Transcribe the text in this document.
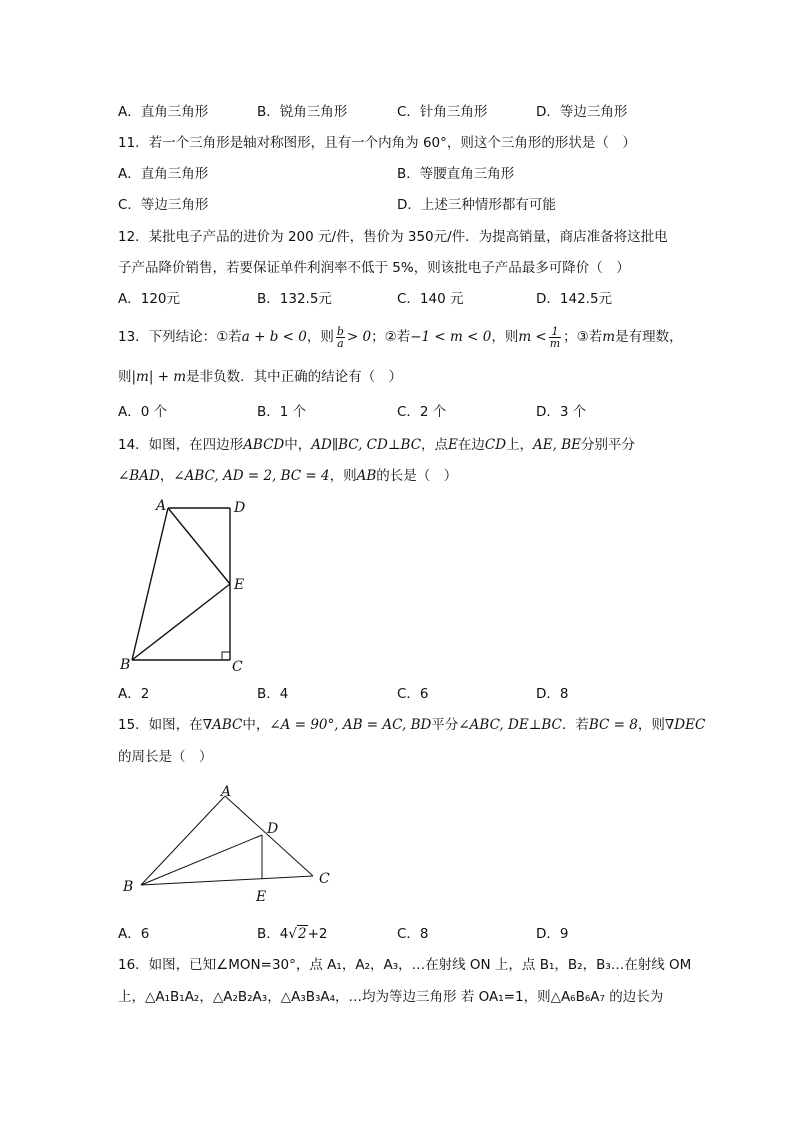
A．直角三角形	B．锐角三角形	C．针角三角形	D．等边三角形
11．若一个三角形是轴对称图形，且有一个内角为 60°，则这个三角形的形状是（　）
A．直角三角形	B．等腰直角三角形
C．等边三角形	D．上述三种情形都有可能
12．某批电子产品的进价为 200 元/件，售价为 350元/件．为提高销量，商店准备将这批电
子产品降价销售，若要保证单件利润率不低于 5%，则该批电子产品最多可降价（　）
A．120元	B．132.5元	C．140 元	D．142.5元
13．下列结论：①若a + b < 0，则 $\frac{b}{a} > 0$；②若−1 < m < 0，则$m < \frac{1}{m}$ ；③若m是有理数，
则|m| + m是非负数．其中正确的结论有（　）
A．0 个	B．1 个	C．2 个	D．3 个
14．如图，在四边形ABCD中，AD∥BC, CD⊥BC，点E在边CD上，AE, BE分别平分
∠BAD，∠ABC, AD = 2, BC = 4，则AB的长是（　）
A	D
E
B	C
A．2	B．4	C．6	D．8
15．如图，在∇ABC中，∠A = 90°, AB = AC, BD平分∠ABC, DE⊥BC．若BC = 8，则∇DEC
的周长是（　）
A
D
B
E
C
A．6	B．4√2+2	C．8	D．9
16．如图，已知∠MON=30°，点 A₁，A₂，A₃，…在射线 ON 上，点 B₁，B₂，B₃…在射线 OM
上，△A₁B₁A₂，△A₂B₂A₃，△A₃B₃A₄，…均为等边三角形 若 OA₁=1，则△A₆B₆A₇ 的边长为
